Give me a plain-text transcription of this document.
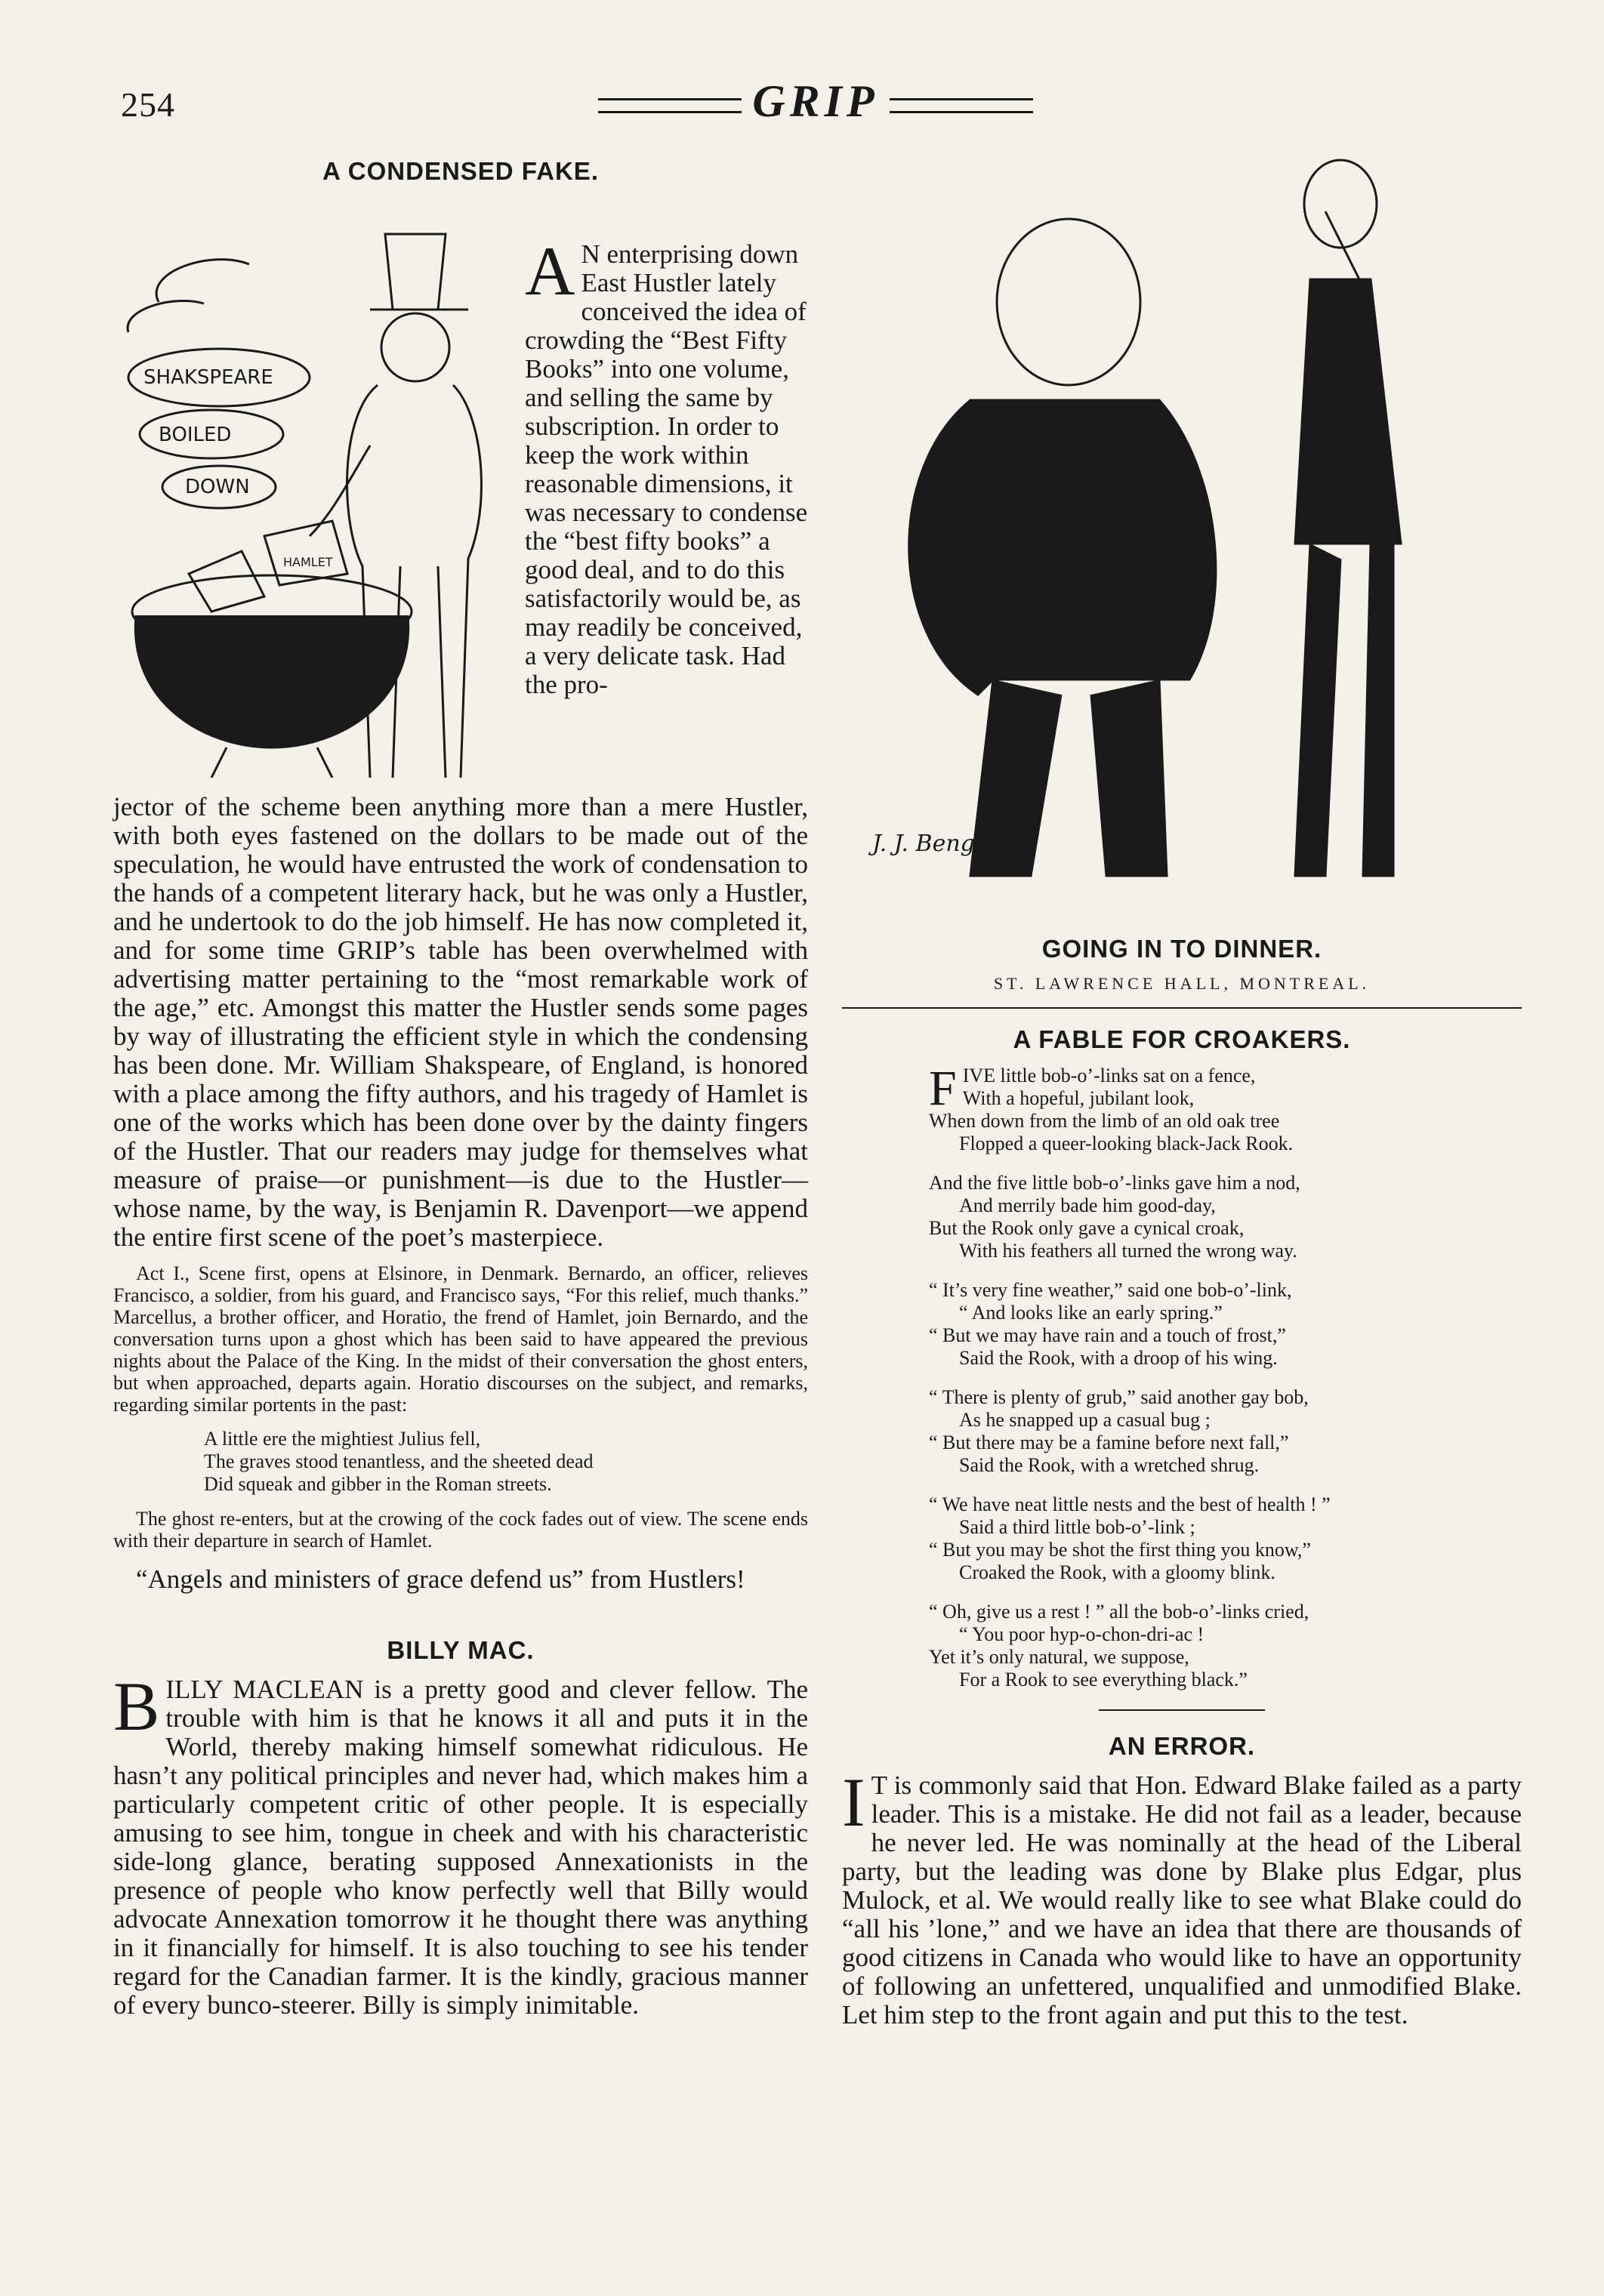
254	GRIP
A CONDENSED FAKE.
SHAKSPEARE
BOILED
DOWN
HAMLET

A N enterprising down East Hustler lately conceived the idea of crowding the “Best Fifty Books” into one volume, and selling the same by subscription. In order to keep the work within reasonable dimensions, it was necessary to condense the “best fifty books” a good deal, and to do this satisfactorily would be, as may readily be conceived, a very delicate task. Had the pro-

jector of the scheme been anything more than a mere Hustler, with both eyes fastened on the dollars to be made out of the speculation, he would have entrusted the work of condensation to the hands of a competent literary hack, but he was only a Hustler, and he undertook to do the job himself. He has now completed it, and for some time GRIP’s table has been overwhelmed with advertising matter pertaining to the “most remarkable work of the age,” etc. Amongst this matter the Hustler sends some pages by way of illustrating the efficient style in which the condensing has been done. Mr. William Shakspeare, of England, is honored with a place among the fifty authors, and his tragedy of Hamlet is one of the works which has been done over by the dainty fingers of the Hustler. That our readers may judge for themselves what measure of praise—or punishment—is due to the Hustler—whose name, by the way, is Benjamin R. Davenport—we append the entire first scene of the poet’s masterpiece.

Act I., Scene first, opens at Elsinore, in Denmark. Bernardo, an officer, relieves Francisco, a soldier, from his guard, and Francisco says, “For this relief, much thanks.” Marcellus, a brother officer, and Horatio, the frend of Hamlet, join Bernardo, and the conversation turns upon a ghost which has been said to have appeared the previous nights about the Palace of the King. In the midst of their conversation the ghost enters, but when approached, departs again. Horatio discourses on the subject, and remarks, regarding similar portents in the past:

A little ere the mightiest Julius fell,
The graves stood tenantless, and the sheeted dead
Did squeak and gibber in the Roman streets.

The ghost re-enters, but at the crowing of the cock fades out of view. The scene ends with their departure in search of Hamlet.

“Angels and ministers of grace defend us” from Hustlers!

BILLY MAC.

BILLY MACLEAN is a pretty good and clever fellow. The trouble with him is that he knows it all and puts it in the World, thereby making himself somewhat ridiculous. He hasn’t any political principles and never had, which makes him a particularly competent critic of other people. It is especially amusing to see him, tongue in cheek and with his characteristic side-long glance, berating supposed Annexationists in the presence of people who know perfectly well that Billy would advocate Annexation tomorrow it he thought there was anything in it financially for himself. It is also touching to see his tender regard for the Canadian farmer. It is the kindly, gracious manner of every bunco-steerer. Billy is simply inimitable.

J. J. Bengough
GOING IN TO DINNER.
ST. LAWRENCE HALL, MONTREAL.
A FABLE FOR CROAKERS.
FIVE little bob-o’-links sat on a fence,
With a hopeful, jubilant look,
When down from the limb of an old oak tree
Flopped a queer-looking black-Jack Rook.
And the five little bob-o’-links gave him a nod,
And merrily bade him good-day,
But the Rook only gave a cynical croak,
With his feathers all turned the wrong way.
“ It’s very fine weather,” said one bob-o’-link,
“ And looks like an early spring.”
“ But we may have rain and a touch of frost,”
Said the Rook, with a droop of his wing.
“ There is plenty of grub,” said another gay bob,
As he snapped up a casual bug ;
“ But there may be a famine before next fall,”
Said the Rook, with a wretched shrug.
“ We have neat little nests and the best of health ! ”
Said a third little bob-o’-link ;
“ But you may be shot the first thing you know,”
Croaked the Rook, with a gloomy blink.
“ Oh, give us a rest ! ” all the bob-o’-links cried,
“ You poor hyp-o-chon-dri-ac !
Yet it’s only natural, we suppose,
For a Rook to see everything black.”
AN ERROR.

I T is commonly said that Hon. Edward Blake failed as a party leader. This is a mistake. He did not fail as a leader, because he never led. He was nominally at the head of the Liberal party, but the leading was done by Blake plus Edgar, plus Mulock, et al. We would really like to see what Blake could do “all his ’lone,” and we have an idea that there are thousands of good citizens in Canada who would like to have an opportunity of following an unfettered, unqualified and unmodified Blake. Let him step to the front again and put this to the test.
